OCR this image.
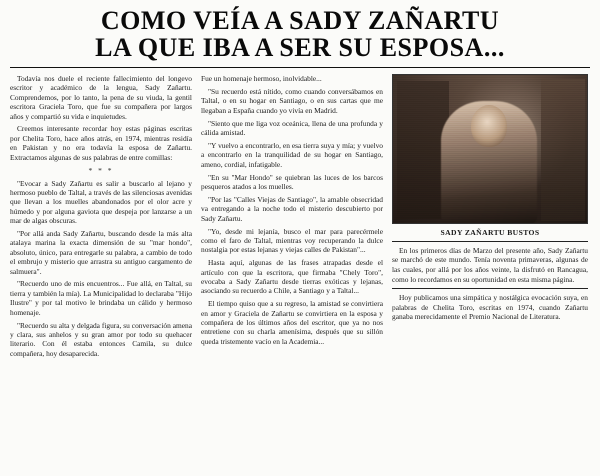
COMO VEÍA A SADY ZAÑARTU
LA QUE IBA A SER SU ESPOSA...

Todavía nos duele el reciente fallecimiento del longevo escritor y académico de la lengua, Sady Zañartu. Comprendemos, por lo tanto, la pena de su viuda, la gentil escritora Graciela Toro, que fue su compañera por largos años y compartió su vida e inquietudes.

Creemos interesante recordar hoy estas páginas escritas por Chelita Toro, hace años atrás, en 1974, mientras residía en Pakistan y no era todavía la esposa de Zañartu. Extractamos algunas de sus palabras de entre comillas:

* * *

"Evocar a Sady Zañartu es salir a buscarlo al lejano y hermoso pueblo de Taltal, a través de las silenciosas avenidas que llevan a los muelles abandonados por el olor acre y húmedo y por alguna gaviota que despeja por lanzarse a un mar de algas obscuras.

"Por allá anda Sady Zañartu, buscando desde la más alta atalaya marina la exacta dimensión de su "mar hondo", absoluto, único, para entregarle su palabra, a cambio de todo el embrujo y misterio que arrastra su antiguo cargamento de salmuera".

"Recuerdo uno de mis encuentros... Fue allá, en Taltal, su tierra y también la mía). La Municipalidad lo declaraba "Hijo Ilustre" y por tal motivo le brindaba un cálido y hermoso homenaje.

"Recuerdo su alta y delgada figura, su conversación amena y clara, sus anhelos y su gran amor por todo su quehacer literario. Con él estaba entonces Camila, su dulce compañera, hoy desaparecida.

Fue un homenaje hermoso, inolvidable...

"Su recuerdo está nítido, como cuando conversábamos en Taltal, o en su hogar en Santiago, o en sus cartas que me llegaban a España cuando yo vivía en Madrid.

"Siento que me liga voz oceánica, llena de una profunda y cálida amistad.

"Y vuelvo a encontrarlo, en esa tierra suya y mía; y vuelvo a encontrarlo en la tranquilidad de su hogar en Santiago, ameno, cordial, infatigable.

"En su "Mar Hondo" se quiebran las luces de los barcos pesqueros atados a los muelles.

"Por las "Calles Viejas de Santiago", la amable obsecridad va entregando a la noche todo el misterio descubierto por Sady Zañartu.

"Yo, desde mi lejanía, busco el mar para parecérmele como el faro de Taltal, mientras voy recuperando la dulce nostalgia por estas lejanas y viejas calles de Pakistan"...

Hasta aquí, algunas de las frases atrapadas desde el artículo con que la escritora, que firmaba "Chely Toro", evocaba a Sady Zañartu desde tierras exóticas y lejanas, asociando su recuerdo a Chile, a Santiago y a Taltal...

El tiempo quiso que a su regreso, la amistad se convirtiera en amor y Graciela de Zañartu se convirtiera en la esposa y compañera de los últimos años del escritor, que ya no nos entretiene con su charla amenísima, después que su sillón queda tristemente vacío en la Academia...

SADY ZAÑARTU BUSTOS

En los primeros días de Marzo del presente año, Sady Zañartu se marchó de este mundo. Tenía noventa primaveras, algunas de las cuales, por allá por los años veinte, la disfrutó en Rancagua, como lo recordamos en su oportunidad en esta misma página.

Hoy publicamos una simpática y nostálgica evocación suya, en palabras de Chelita Toro, escritas en 1974, cuando Zañartu ganaba merecidamente el Premio Nacional de Literatura.
